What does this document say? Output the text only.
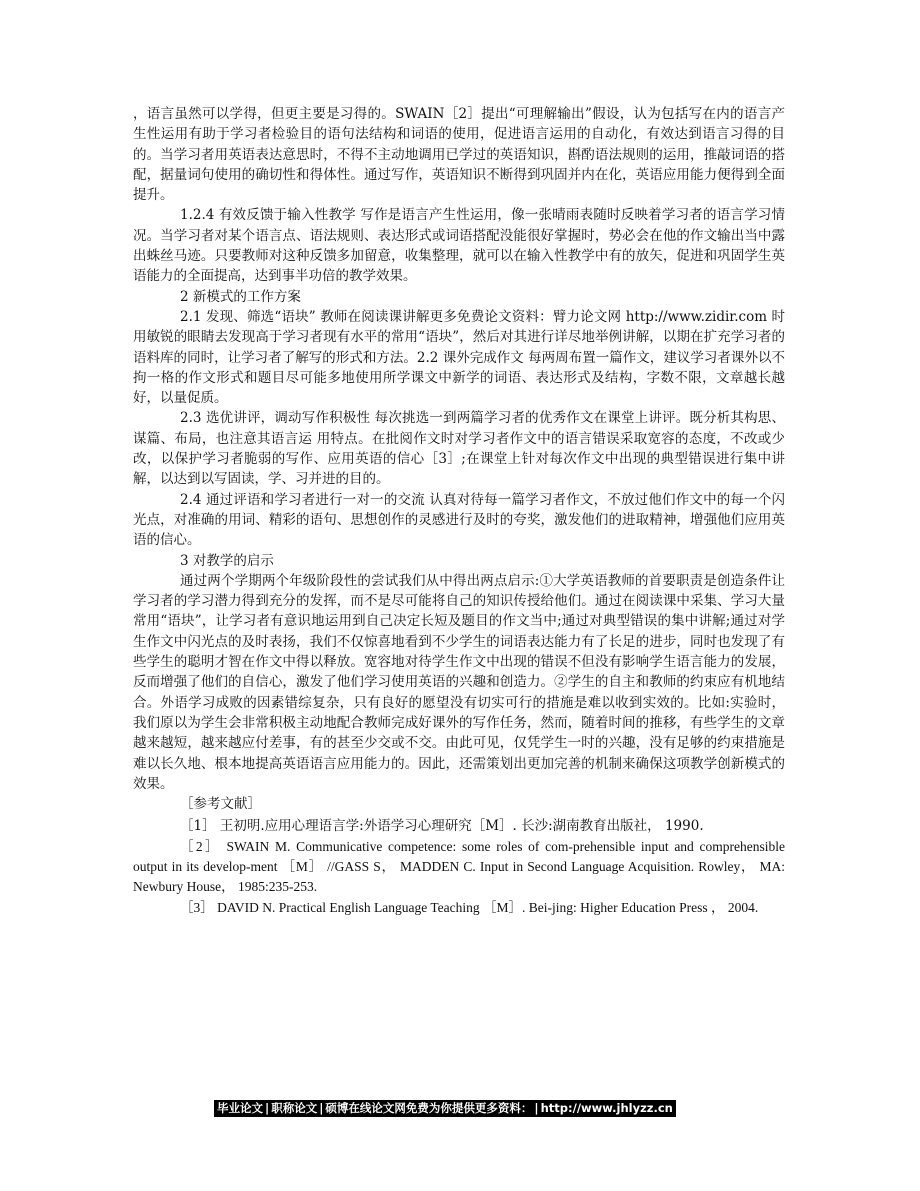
，语言虽然可以学得，但更主要是习得的。SWAIN［2］提出“可理解输出”假设，认为包括写在内的语言产生性运用有助于学习者检验目的语句法结构和词语的使用，促进语言运用的自动化，有效达到语言习得的目的。当学习者用英语表达意思时，不得不主动地调用已学过的英语知识，斟酌语法规则的运用，推敲词语的搭配，据量词句使用的确切性和得体性。通过写作，英语知识不断得到巩固并内在化，英语应用能力便得到全面提升。

1.2.4 有效反馈于输入性教学 写作是语言产生性运用，像一张晴雨表随时反映着学习者的语言学习情况。当学习者对某个语言点、语法规则、表达形式或词语搭配没能很好掌握时，势必会在他的作文输出当中露出蛛丝马迹。只要教师对这种反馈多加留意，收集整理，就可以在输入性教学中有的放矢，促进和巩固学生英语能力的全面提高，达到事半功倍的教学效果。

2 新模式的工作方案

2.1 发现、筛选“语块” 教师在阅读课讲解更多免费论文资料：臂力论文网 http://www.zidir.com 时用敏锐的眼睛去发现高于学习者现有水平的常用“语块”，然后对其进行详尽地举例讲解，以期在扩充学习者的语料库的同时，让学习者了解写的形式和方法。2.2 课外完成作文 每两周布置一篇作文，建议学习者课外以不拘一格的作文形式和题目尽可能多地使用所学课文中新学的词语、表达形式及结构，字数不限，文章越长越好，以量促质。

2.3 选优讲评，调动写作积极性 每次挑选一到两篇学习者的优秀作文在课堂上讲评。既分析其构思、谋篇、布局，也注意其语言运 用特点。在批阅作文时对学习者作文中的语言错误采取宽容的态度，不改或少改，以保护学习者脆弱的写作、应用英语的信心［3］;在课堂上针对每次作文中出现的典型错误进行集中讲解，以达到以写固读，学、习并进的目的。

2.4 通过评语和学习者进行一对一的交流 认真对待每一篇学习者作文，不放过他们作文中的每一个闪光点，对准确的用词、精彩的语句、思想创作的灵感进行及时的夸奖，激发他们的进取精神，增强他们应用英语的信心。

3 对教学的启示

通过两个学期两个年级阶段性的尝试我们从中得出两点启示:①大学英语教师的首要职责是创造条件让学习者的学习潜力得到充分的发挥，而不是尽可能将自己的知识传授给他们。通过在阅读课中采集、学习大量常用“语块”，让学习者有意识地运用到自己决定长短及题目的作文当中;通过对典型错误的集中讲解;通过对学生作文中闪光点的及时表扬，我们不仅惊喜地看到不少学生的词语表达能力有了长足的进步，同时也发现了有些学生的聪明才智在作文中得以释放。宽容地对待学生作文中出现的错误不但没有影响学生语言能力的发展，反而增强了他们的自信心，激发了他们学习使用英语的兴趣和创造力。②学生的自主和教师的约束应有机地结合。外语学习成败的因素错综复杂，只有良好的愿望没有切实可行的措施是难以收到实效的。比如:实验时，我们原以为学生会非常积极主动地配合教师完成好课外的写作任务，然而，随着时间的推移，有些学生的文章越来越短，越来越应付差事，有的甚至少交或不交。由此可见，仅凭学生一时的兴趣，没有足够的约束措施是难以长久地、根本地提高英语语言应用能力的。因此，还需策划出更加完善的机制来确保这项教学创新模式的效果。

［参考文献］

［1］ 王初明.应用心理语言学:外语学习心理研究［M］. 长沙:湖南教育出版社， 1990.

［2］ SWAIN M. Communicative competence: some roles of com-prehensible input and comprehensible output in its develop-ment ［M］ //GASS S， MADDEN C. Input in Second Language Acquisition. Rowley， MA: Newbury House， 1985:235-253.

［3］ DAVID N. Practical English Language Teaching ［M］. Bei-jing: Higher Education Press ， 2004.

毕业论文 | 职称论文 | 硕博在线论文网免费为你提供更多资料： | http://www.jhlyzz.cn
